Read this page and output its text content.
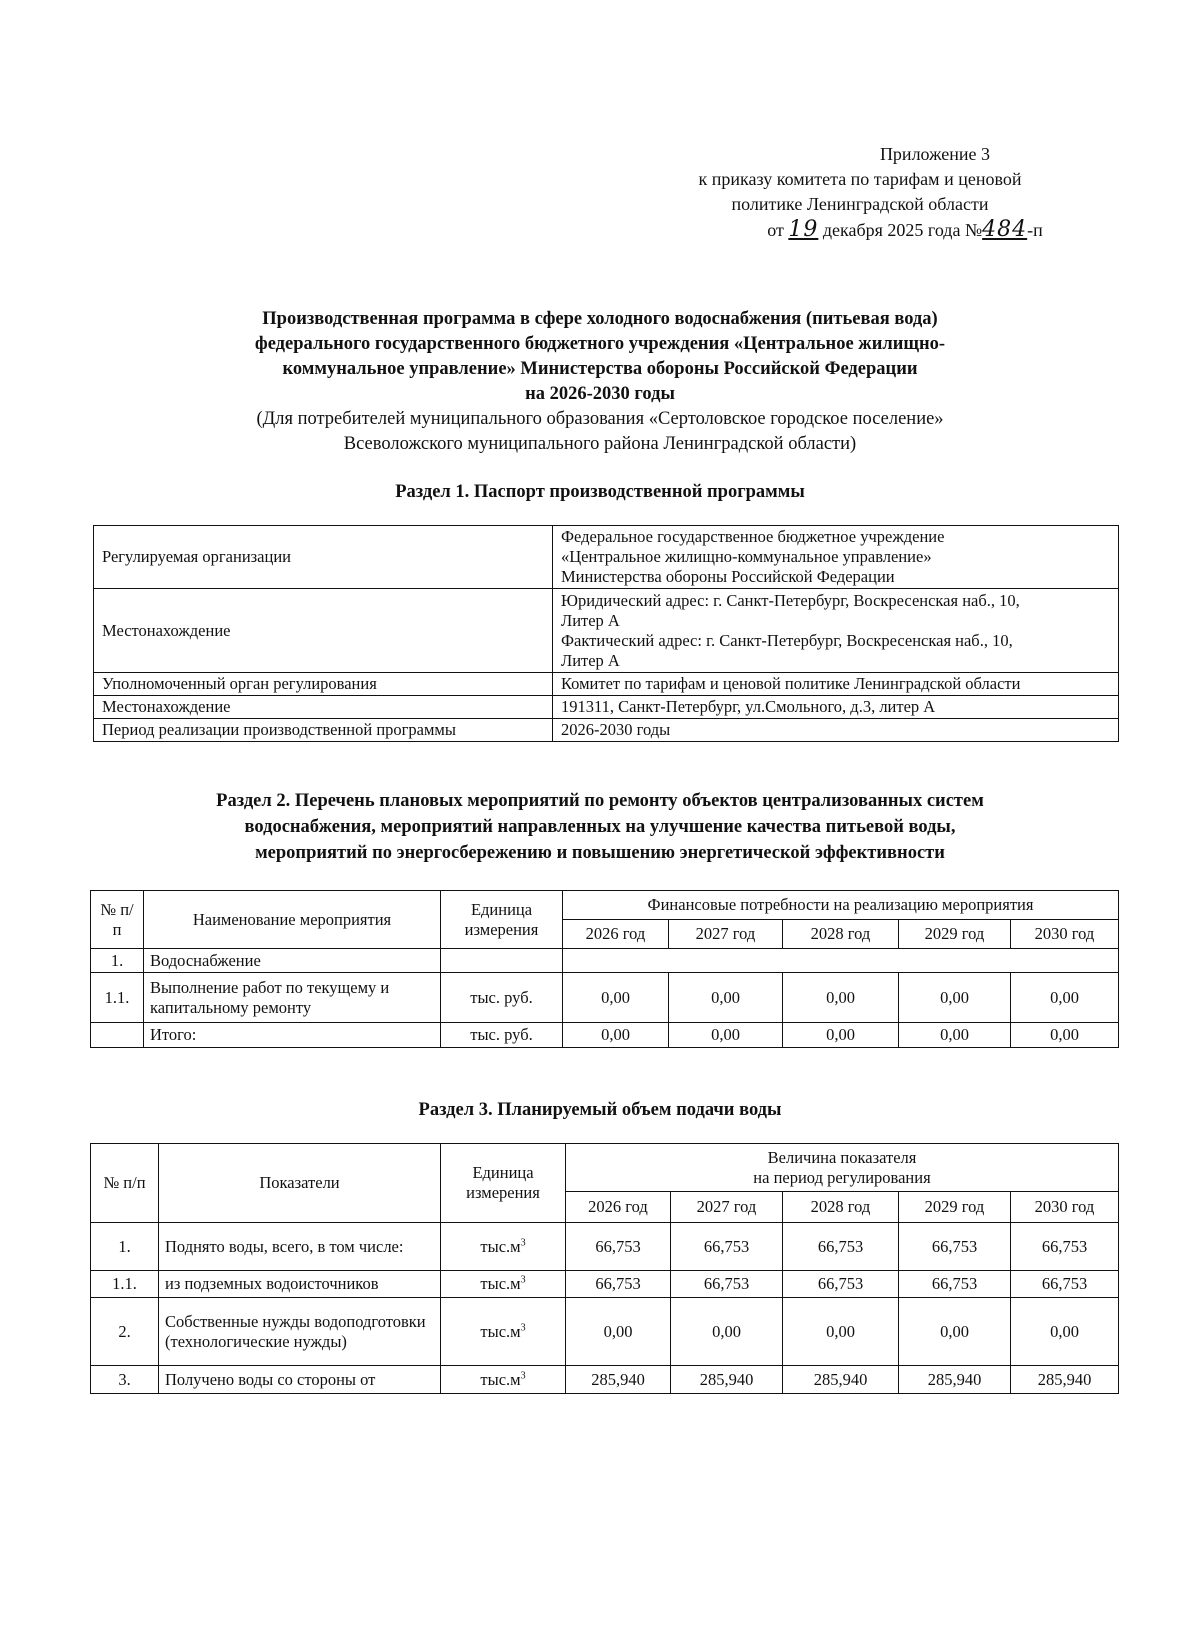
Приложение 3
к приказу комитета по тарифам и ценовой
политике Ленинградской области
от 19 декабря 2025 года №484-п
Производственная программа в сфере холодного водоснабжения (питьевая вода)
федерального государственного бюджетного учреждения «Центральное жилищно-
коммунальное управление» Министерства обороны Российской Федерации
на 2026-2030 годы
(Для потребителей муниципального образования «Сертоловское городское поселение»
Всеволожского муниципального района Ленинградской области)
Раздел 1. Паспорт производственной программы
Регулируемая организации	Федеральное государственное бюджетное учреждение
«Центральное жилищно-коммунальное управление»
Министерства обороны Российской Федерации

Местонахождение	Юридический адрес: г. Санкт-Петербург, Воскресенская наб., 10,
Литер А
Фактический адрес: г. Санкт-Петербург, Воскресенская наб., 10,
Литер А

Уполномоченный орган регулирования	Комитет по тарифам и ценовой политике Ленинградской области
Местонахождение	191311, Санкт-Петербург, ул.Смольного, д.3, литер А
Период реализации производственной программы	2026-2030 годы
Раздел 2. Перечень плановых мероприятий по ремонту объектов централизованных систем
водоснабжения, мероприятий направленных на улучшение качества питьевой воды,
мероприятий по энергосбережению и повышению энергетической эффективности
№ п/п	Наименование мероприятия	Единица измерения	Финансовые потребности на реализацию мероприятия				
			2026 год	2027 год	2028 год	2029 год	2030 год
1.	Водоснабжение						
1.1.	Выполнение работ по текущему и капитальному ремонту	тыс. руб.	0,00	0,00	0,00	0,00	0,00
	Итого:	тыс. руб.	0,00	0,00	0,00	0,00	0,00
Раздел 3. Планируемый объем подачи воды
№ п/п	Показатели	Единица измерения	Величина показателя
на период регулирования				

			2026 год	2027 год	2028 год	2029 год	2030 год
1.	Поднято воды, всего, в том числе:	$тыс.м^3$	66,753	66,753	66,753	66,753	66,753
1.1.	из подземных водоисточников	$тыс.м^3$	66,753	66,753	66,753	66,753	66,753
2.	Собственные нужды водоподготовки (технологические нужды)	$тыс.м^3$	0,00	0,00	0,00	0,00	0,00
3.	Получено воды со стороны от	$тыс.м^3$	285,940	285,940	285,940	285,940	285,940
